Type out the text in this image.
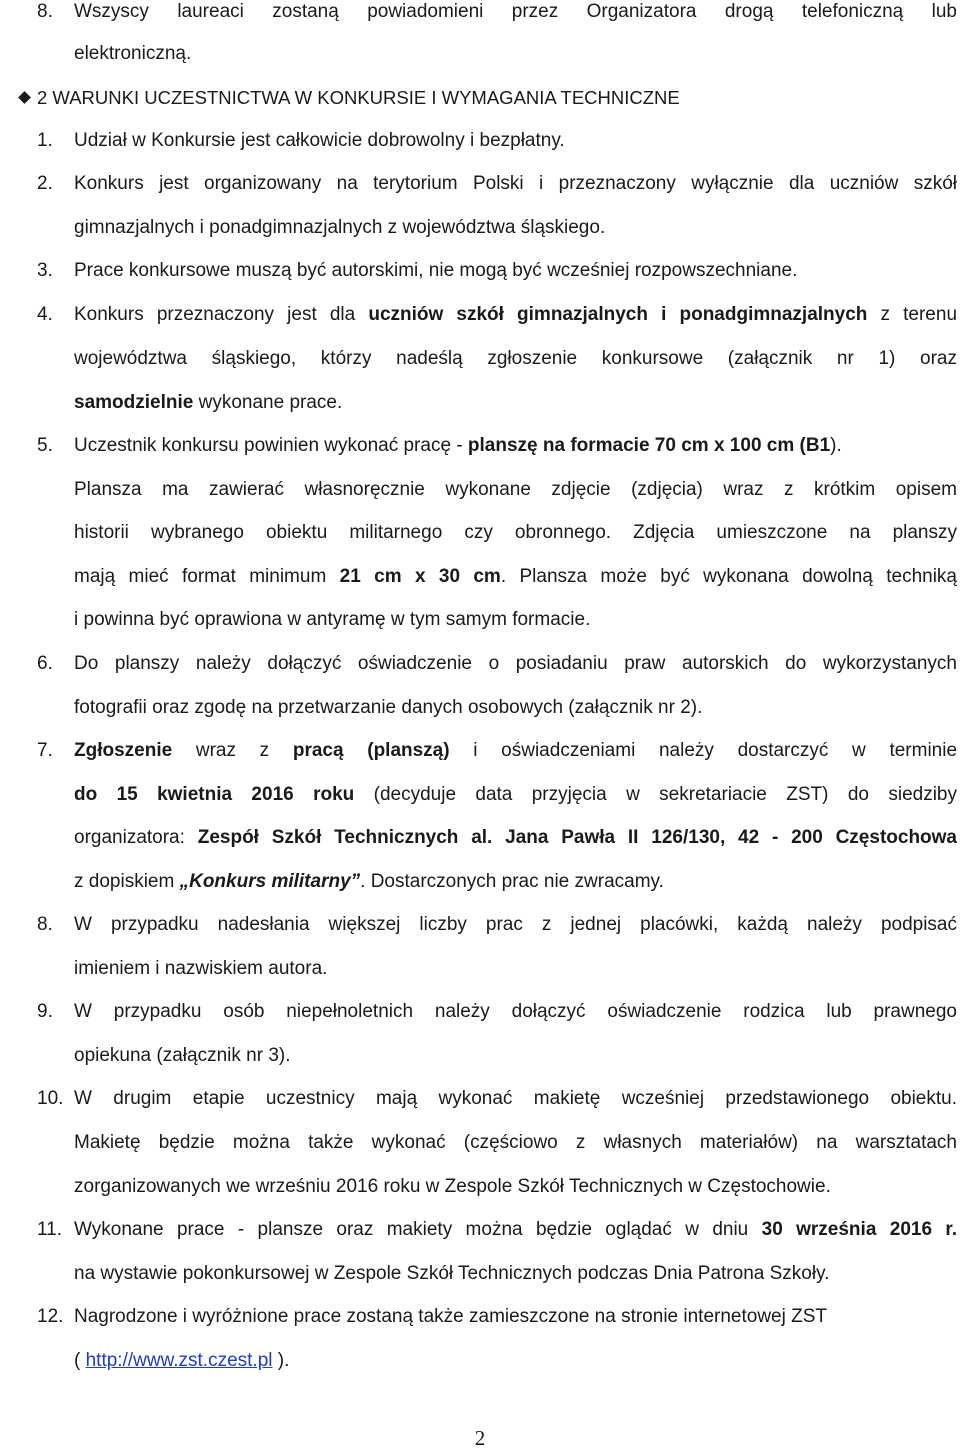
8. Wszyscy laureaci zostaną powiadomieni przez Organizatora drogą telefoniczną lub
elektroniczną.
2 WARUNKI UCZESTNICTWA W KONKURSIE I WYMAGANIA TECHNICZNE
1. Udział w Konkursie jest całkowicie dobrowolny i bezpłatny.
2. Konkurs jest organizowany na terytorium Polski i przeznaczony wyłącznie dla uczniów szkół
gimnazjalnych i ponadgimnazjalnych z województwa śląskiego.
3. Prace konkursowe muszą być autorskimi, nie mogą być wcześniej rozpowszechniane.
4. Konkurs przeznaczony jest dla uczniów szkół gimnazjalnych i ponadgimnazjalnych z terenu
województwa śląskiego, którzy nadeślą zgłoszenie konkursowe (załącznik nr 1) oraz
samodzielnie wykonane prace.
5. Uczestnik konkursu powinien wykonać pracę - planszę na formacie 70 cm x 100 cm (B1).
Plansza ma zawierać własnoręcznie wykonane zdjęcie (zdjęcia) wraz z krótkim opisem
historii wybranego obiektu militarnego czy obronnego. Zdjęcia umieszczone na planszy
mają mieć format minimum 21 cm x 30 cm. Plansza może być wykonana dowolną techniką
i powinna być oprawiona w antyramę w tym samym formacie.
6. Do planszy należy dołączyć oświadczenie o posiadaniu praw autorskich do wykorzystanych
fotografii oraz zgodę na przetwarzanie danych osobowych (załącznik nr 2).
7. Zgłoszenie wraz z pracą (planszą) i oświadczeniami należy dostarczyć w terminie
do 15 kwietnia 2016 roku (decyduje data przyjęcia w sekretariacie ZST) do siedziby
organizatora: Zespół Szkół Technicznych al. Jana Pawła II 126/130, 42 - 200 Częstochowa
z dopiskiem „Konkurs militarny”. Dostarczonych prac nie zwracamy.
8. W przypadku nadesłania większej liczby prac z jednej placówki, każdą należy podpisać
imieniem i nazwiskiem autora.
9. W przypadku osób niepełnoletnich należy dołączyć oświadczenie rodzica lub prawnego
opiekuna (załącznik nr 3).
10. W drugim etapie uczestnicy mają wykonać makietę wcześniej przedstawionego obiektu.
Makietę będzie można także wykonać (częściowo z własnych materiałów) na warsztatach
zorganizowanych we wrześniu 2016 roku w Zespole Szkół Technicznych w Częstochowie.
11. Wykonane prace - plansze oraz makiety można będzie oglądać w dniu 30 września 2016 r.
na wystawie pokonkursowej w Zespole Szkół Technicznych podczas Dnia Patrona Szkoły.
12. Nagrodzone i wyróżnione prace zostaną także zamieszczone na stronie internetowej ZST
( http://www.zst.czest.pl ).
2
